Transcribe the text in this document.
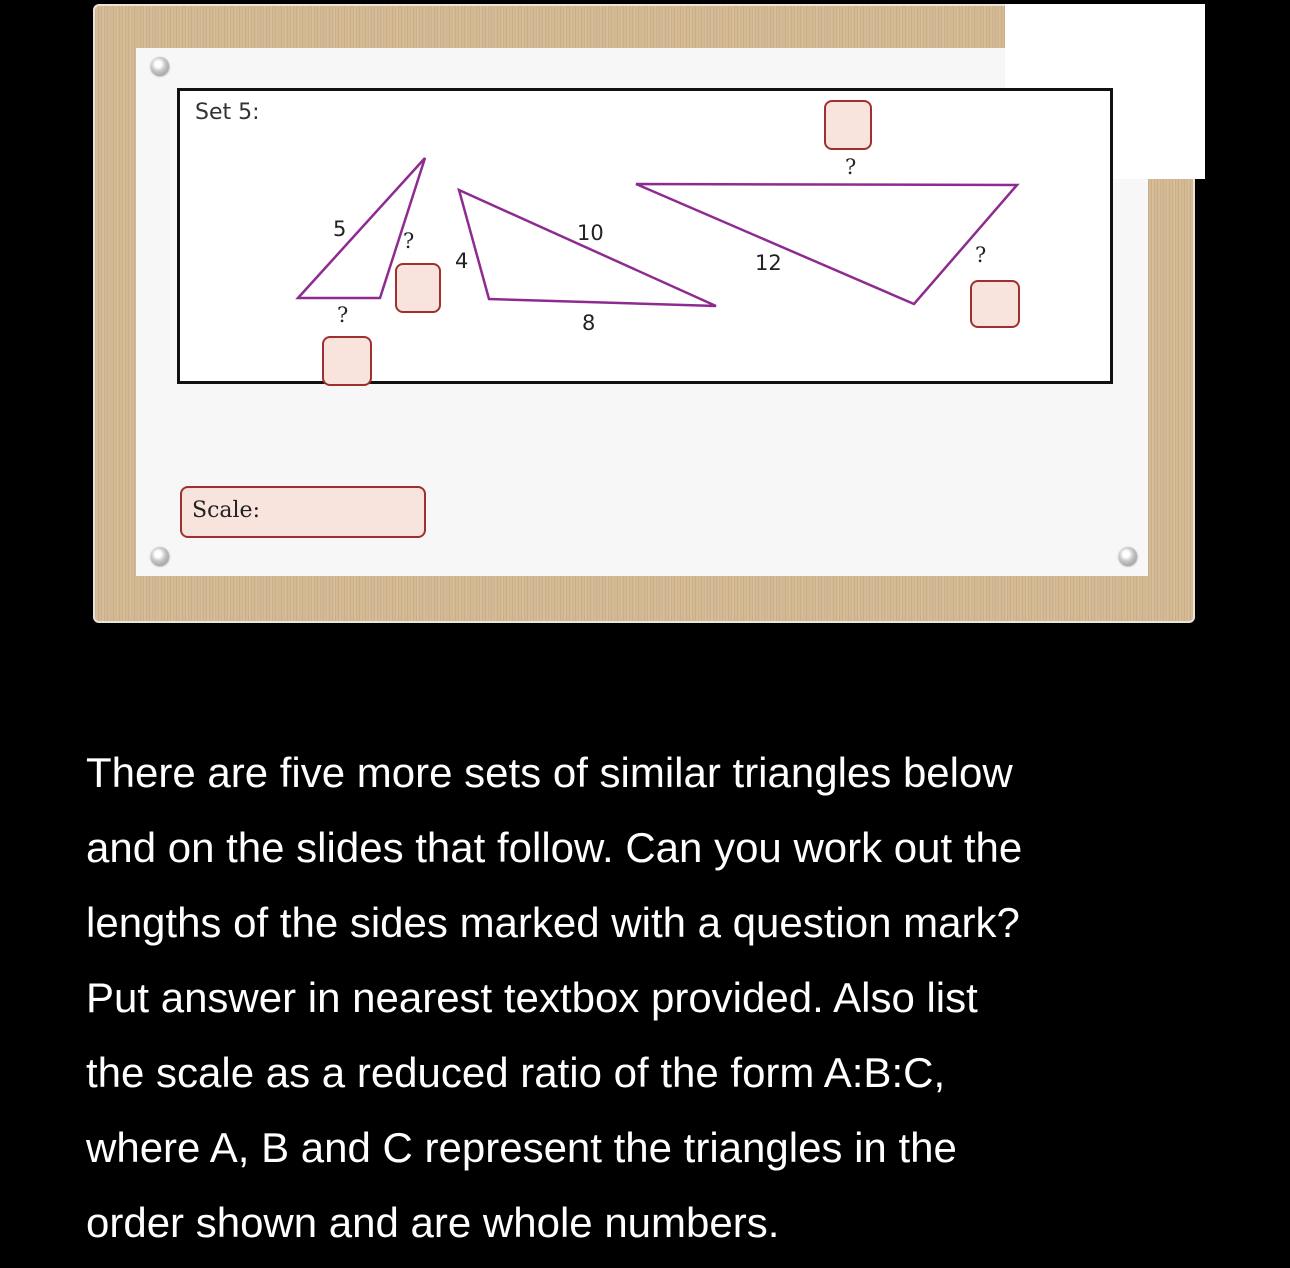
Set 5:
5	?
?
4
10
8
?
12	?
Scale:

There are five more sets of similar triangles below

and on the slides that follow. Can you work out the

lengths of the sides marked with a question mark?

Put answer in nearest textbox provided. Also list

the scale as a reduced ratio of the form A:B:C,

where A, B and C represent the triangles in the

order shown and are whole numbers.
